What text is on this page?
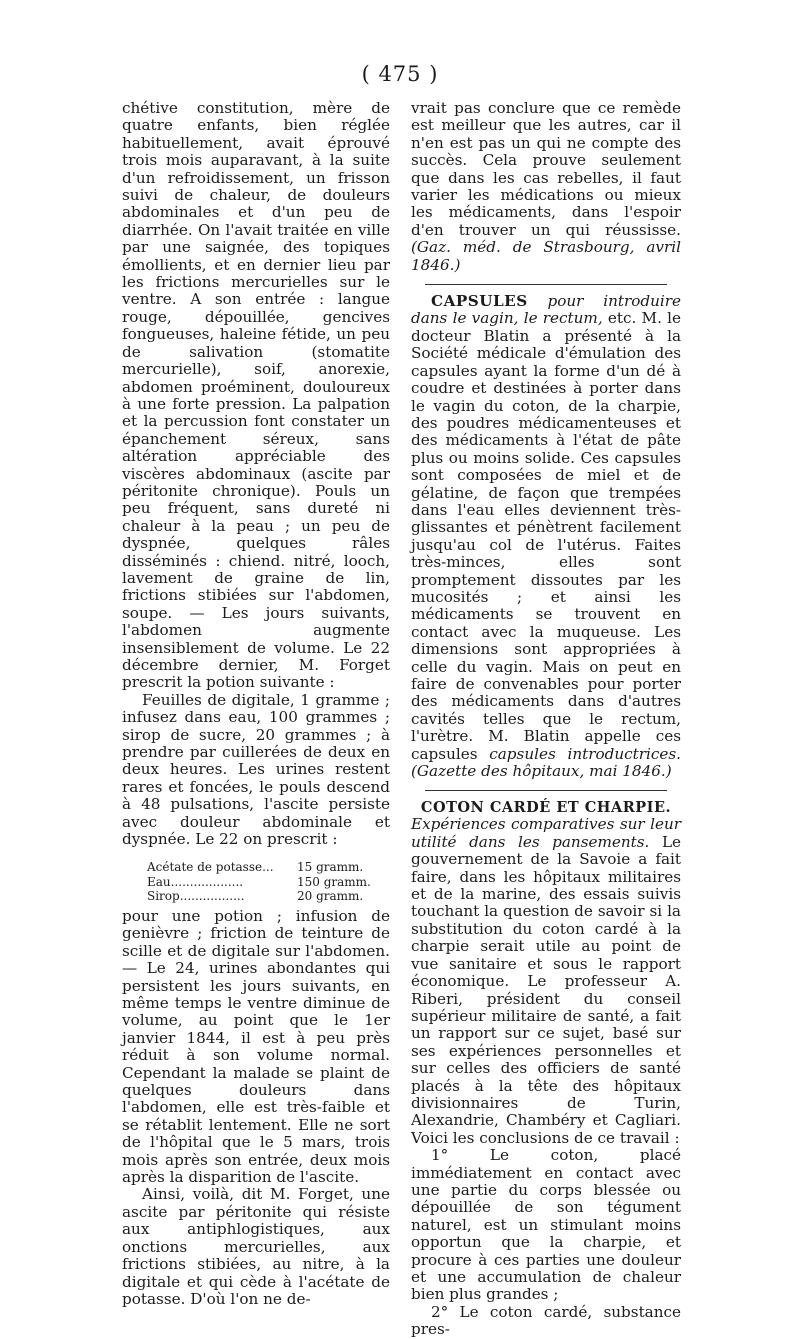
( 475 )

chétive constitution, mère de quatre enfants, bien réglée habituellement, avait éprouvé trois mois auparavant, à la suite d'un refroidissement, un frisson suivi de chaleur, de douleurs abdominales et d'un peu de diarrhée. On l'avait traitée en ville par une saignée, des topiques émollients, et en dernier lieu par les frictions mercurielles sur le ventre. A son entrée : langue rouge, dépouillée, gencives fongueuses, haleine fétide, un peu de salivation (stomatite mercurielle), soif, anorexie, abdomen proéminent, douloureux à une forte pression. La palpation et la percussion font constater un épanchement séreux, sans altération appréciable des viscères abdominaux (ascite par péritonite chronique). Pouls un peu fréquent, sans dureté ni chaleur à la peau ; un peu de dyspnée, quelques râles disséminés : chiend. nitré, looch, lavement de graine de lin, frictions stibiées sur l'abdomen, soupe. — Les jours suivants, l'abdomen augmente insensiblement de volume. Le 22 décembre dernier, M. Forget prescrit la potion suivante :

Feuilles de digitale, 1 gramme ; infusez dans eau, 100 grammes ; sirop de sucre, 20 grammes ; à prendre par cuillerées de deux en deux heures. Les urines restent rares et foncées, le pouls descend à 48 pulsations, l'ascite persiste avec douleur abdominale et dyspnée. Le 22 on prescrit :

Acétate de potasse...	15 gramm.
Eau...................	150 gramm.
Sirop.................	20 gramm.

pour une potion ; infusion de genièvre ; friction de teinture de scille et de digitale sur l'abdomen. — Le 24, urines abondantes qui persistent les jours suivants, en même temps le ventre diminue de volume, au point que le 1er janvier 1844, il est à peu près réduit à son volume normal. Cependant la malade se plaint de quelques douleurs dans l'abdomen, elle est très-faible et se rétablit lentement. Elle ne sort de l'hôpital que le 5 mars, trois mois après son entrée, deux mois après la disparition de l'ascite.

Ainsi, voilà, dit M. Forget, une ascite par péritonite qui résiste aux antiphlogistiques, aux onctions mercurielles, aux frictions stibiées, au nitre, à la digitale et qui cède à l'acétate de potasse. D'où l'on ne de-

vrait pas conclure que ce remède est meilleur que les autres, car il n'en est pas un qui ne compte des succès. Cela prouve seulement que dans les cas rebelles, il faut varier les médications ou mieux les médicaments, dans l'espoir d'en trouver un qui réussisse. (Gaz. méd. de Strasbourg, avril 1846.)

CAPSULES pour introduire dans le vagin, le rectum, etc. M. le docteur Blatin a présenté à la Société médicale d'émulation des capsules ayant la forme d'un dé à coudre et destinées à porter dans le vagin du coton, de la charpie, des poudres médicamenteuses et des médicaments à l'état de pâte plus ou moins solide. Ces capsules sont composées de miel et de gélatine, de façon que trempées dans l'eau elles deviennent très-glissantes et pénètrent facilement jusqu'au col de l'utérus. Faites très-minces, elles sont promptement dissoutes par les mucosités ; et ainsi les médicaments se trouvent en contact avec la muqueuse. Les dimensions sont appropriées à celle du vagin. Mais on peut en faire de convenables pour porter des médicaments dans d'autres cavités telles que le rectum, l'urètre. M. Blatin appelle ces capsules capsules introductrices. (Gazette des hôpitaux, mai 1846.)

COTON CARDÉ ET CHARPIE.

Expériences comparatives sur leur utilité dans les pansements. Le gouvernement de la Savoie a fait faire, dans les hôpitaux militaires et de la marine, des essais suivis touchant la question de savoir si la substitution du coton cardé à la charpie serait utile au point de vue sanitaire et sous le rapport économique. Le professeur A. Riberi, président du conseil supérieur militaire de santé, a fait un rapport sur ce sujet, basé sur ses expériences personnelles et sur celles des officiers de santé placés à la tête des hôpitaux divisionnaires de Turin, Alexandrie, Chambéry et Cagliari. Voici les conclusions de ce travail :

1° Le coton, placé immédiatement en contact avec une partie du corps blessée ou dépouillée de son tégument naturel, est un stimulant moins opportun que la charpie, et procure à ces parties une douleur et une accumulation de chaleur bien plus grandes ;

2° Le coton cardé, substance pres-
